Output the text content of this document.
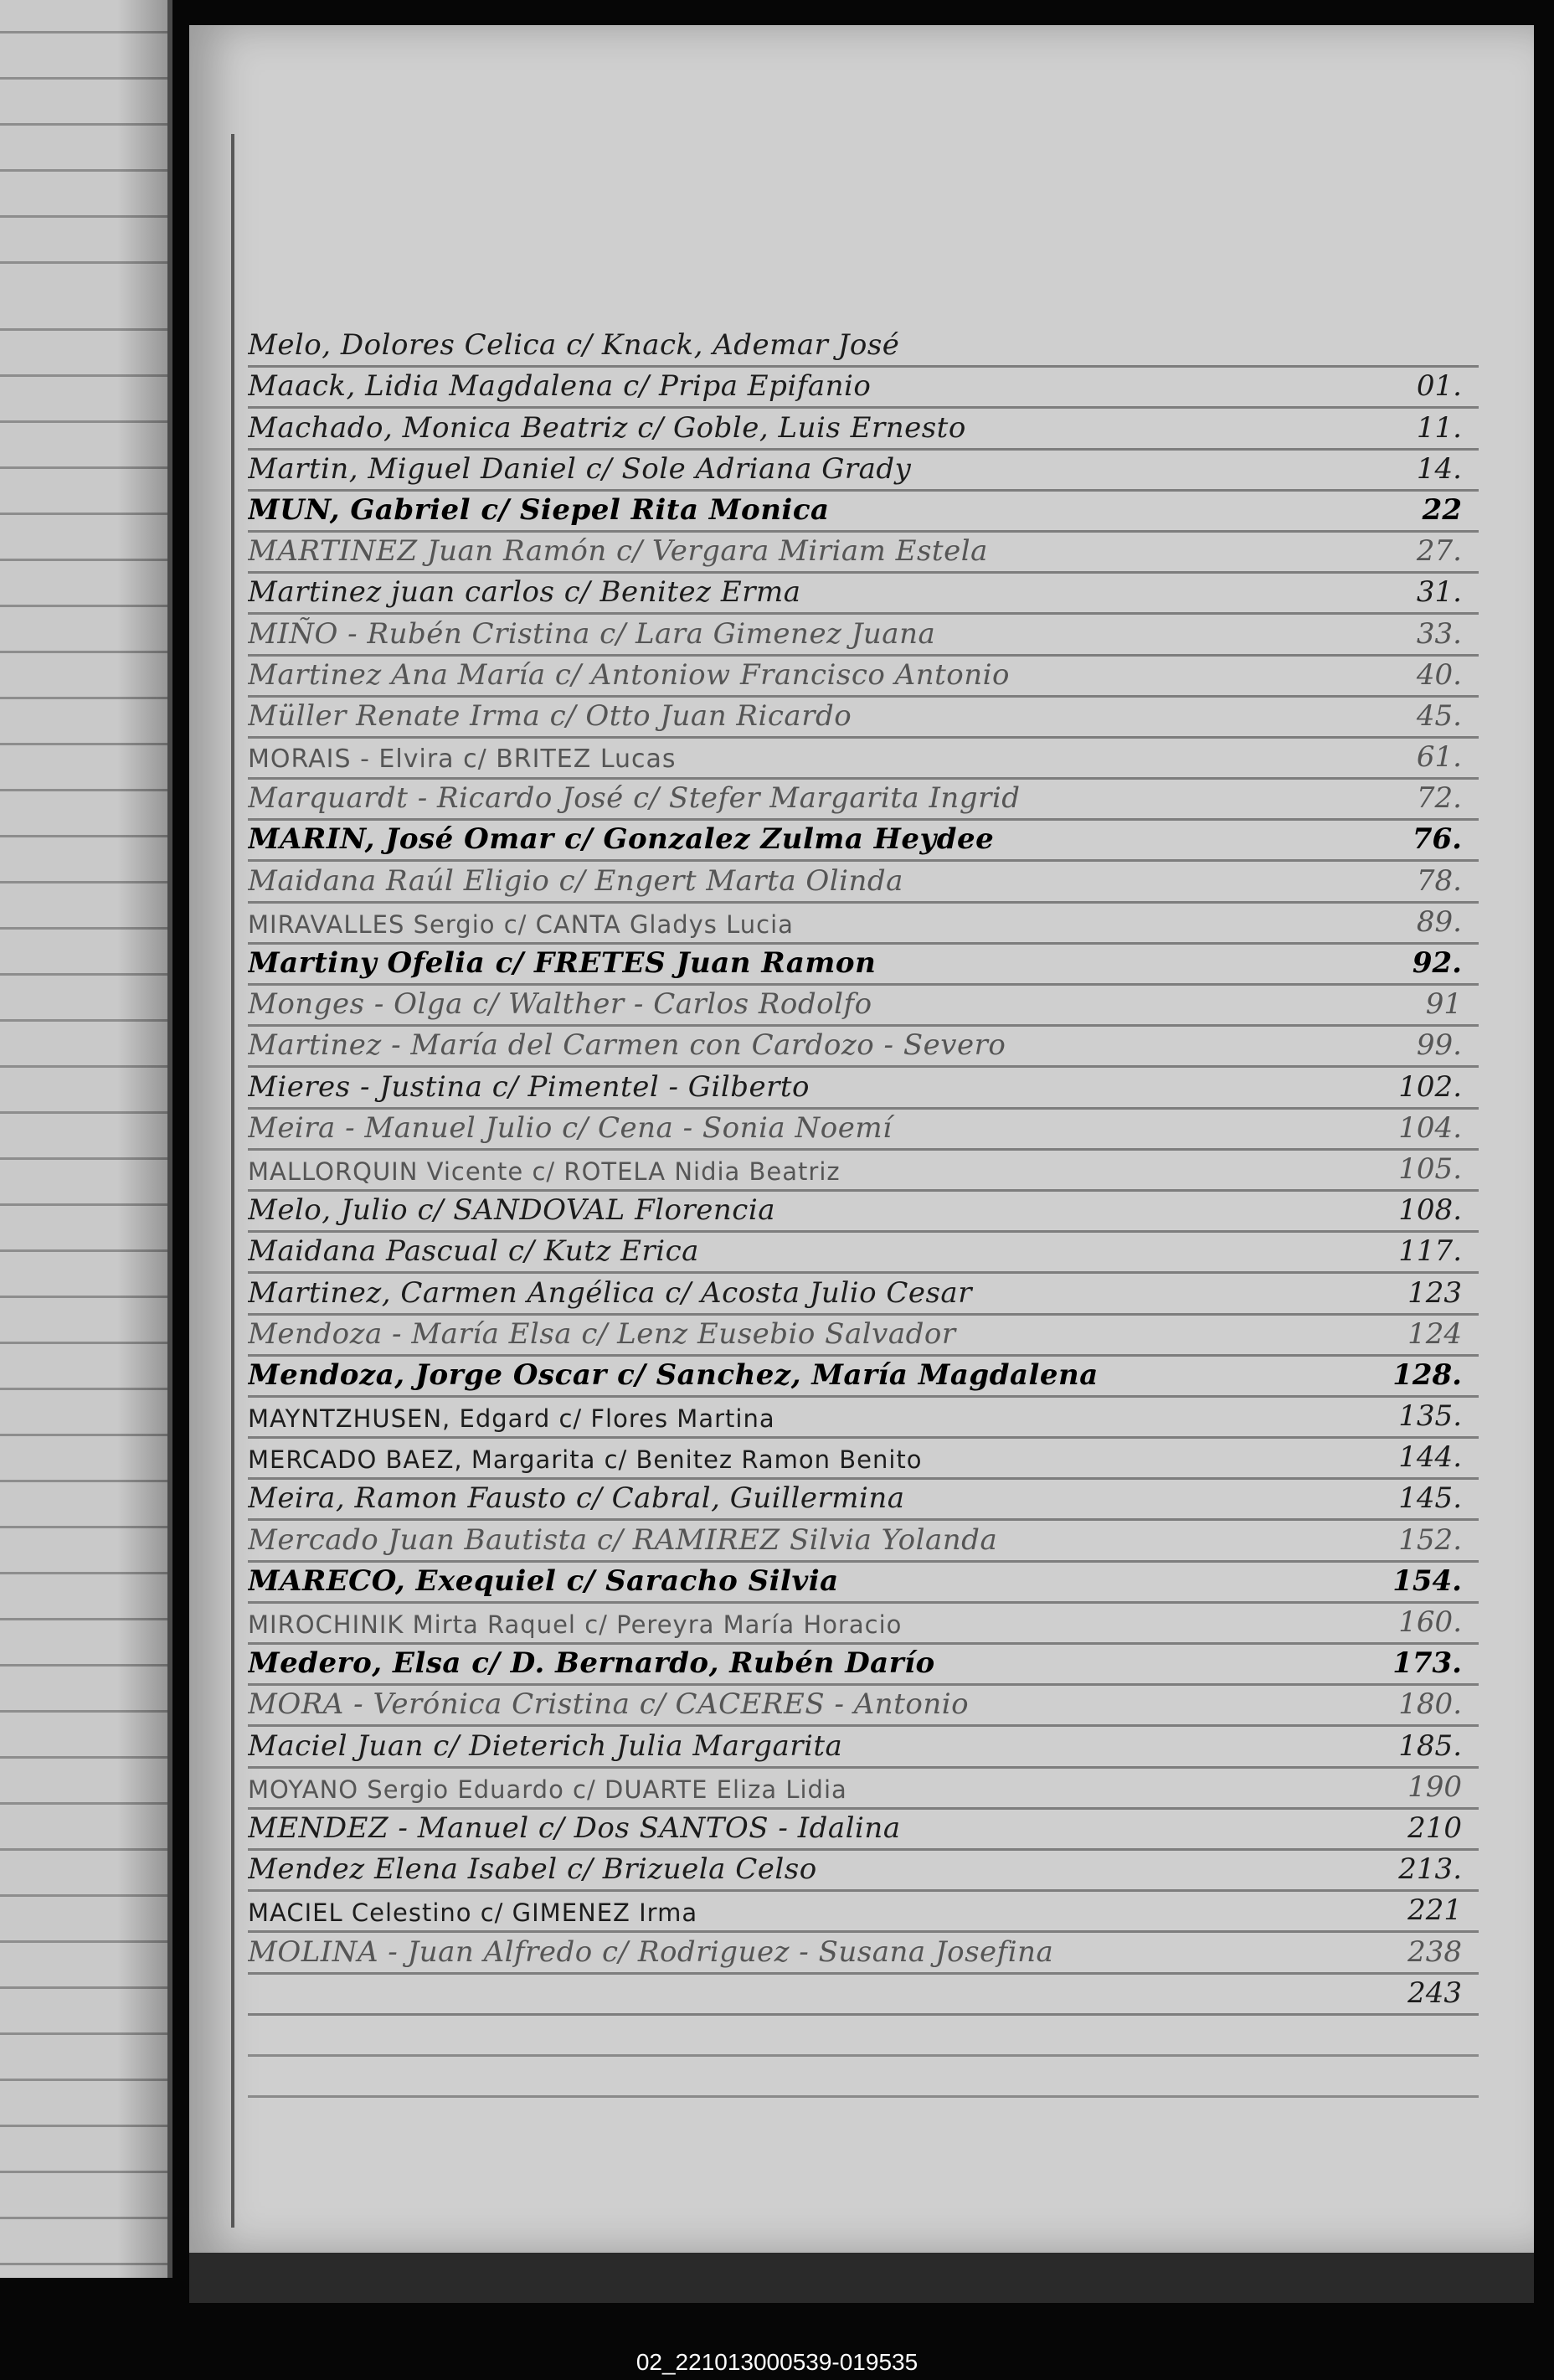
Melo, Dolores Celica c/ Knack, Ademar José
Maack, Lidia Magdalena c/ Pripa Epifanio	01.
Machado, Monica Beatriz c/ Goble, Luis Ernesto	11.
Martin, Miguel Daniel c/ Sole Adriana Grady	14.
MUN, Gabriel c/ Siepel Rita Monica	22
MARTINEZ Juan Ramón c/ Vergara Miriam Estela	27.
Martinez juan carlos c/ Benitez Erma	31.
MIÑO - Rubén Cristina c/ Lara Gimenez Juana	33.
Martinez Ana María c/ Antoniow Francisco Antonio	40.
Müller Renate Irma c/ Otto Juan Ricardo	45.
MORAIS - Elvira c/ BRITEZ Lucas	61.
Marquardt - Ricardo José c/ Stefer Margarita Ingrid	72.
MARIN, José Omar c/ Gonzalez Zulma Heydee	76.
Maidana Raúl Eligio c/ Engert Marta Olinda	78.
MIRAVALLES Sergio c/ CANTA Gladys Lucia	89.
Martiny Ofelia c/ FRETES Juan Ramon	92.
Monges - Olga c/ Walther - Carlos Rodolfo	91
Martinez - María del Carmen con Cardozo - Severo	99.
Mieres - Justina c/ Pimentel - Gilberto	102.
Meira - Manuel Julio c/ Cena - Sonia Noemí	104.
MALLORQUIN Vicente c/ ROTELA Nidia Beatriz	105.
Melo, Julio c/ SANDOVAL Florencia	108.
Maidana Pascual c/ Kutz Erica	117.
Martinez, Carmen Angélica c/ Acosta Julio Cesar	123
Mendoza - María Elsa c/ Lenz Eusebio Salvador	124
Mendoza, Jorge Oscar c/ Sanchez, María Magdalena	128.
MAYNTZHUSEN, Edgard c/ Flores Martina	135.
MERCADO BAEZ, Margarita c/ Benitez Ramon Benito	144.
Meira, Ramon Fausto c/ Cabral, Guillermina	145.
Mercado Juan Bautista c/ RAMIREZ Silvia Yolanda	152.
MARECO, Exequiel c/ Saracho Silvia	154.
MIROCHINIK Mirta Raquel c/ Pereyra María Horacio	160.
Medero, Elsa c/ D. Bernardo, Rubén Darío	173.
MORA - Verónica Cristina c/ CACERES - Antonio	180.
Maciel Juan c/ Dieterich Julia Margarita	185.
MOYANO Sergio Eduardo c/ DUARTE Eliza Lidia	190
MENDEZ - Manuel c/ Dos SANTOS - Idalina	210
Mendez Elena Isabel c/ Brizuela Celso	213.
MACIEL Celestino c/ GIMENEZ Irma	221
MOLINA - Juan Alfredo c/ Rodriguez - Susana Josefina	238
243
02_221013000539-019535
